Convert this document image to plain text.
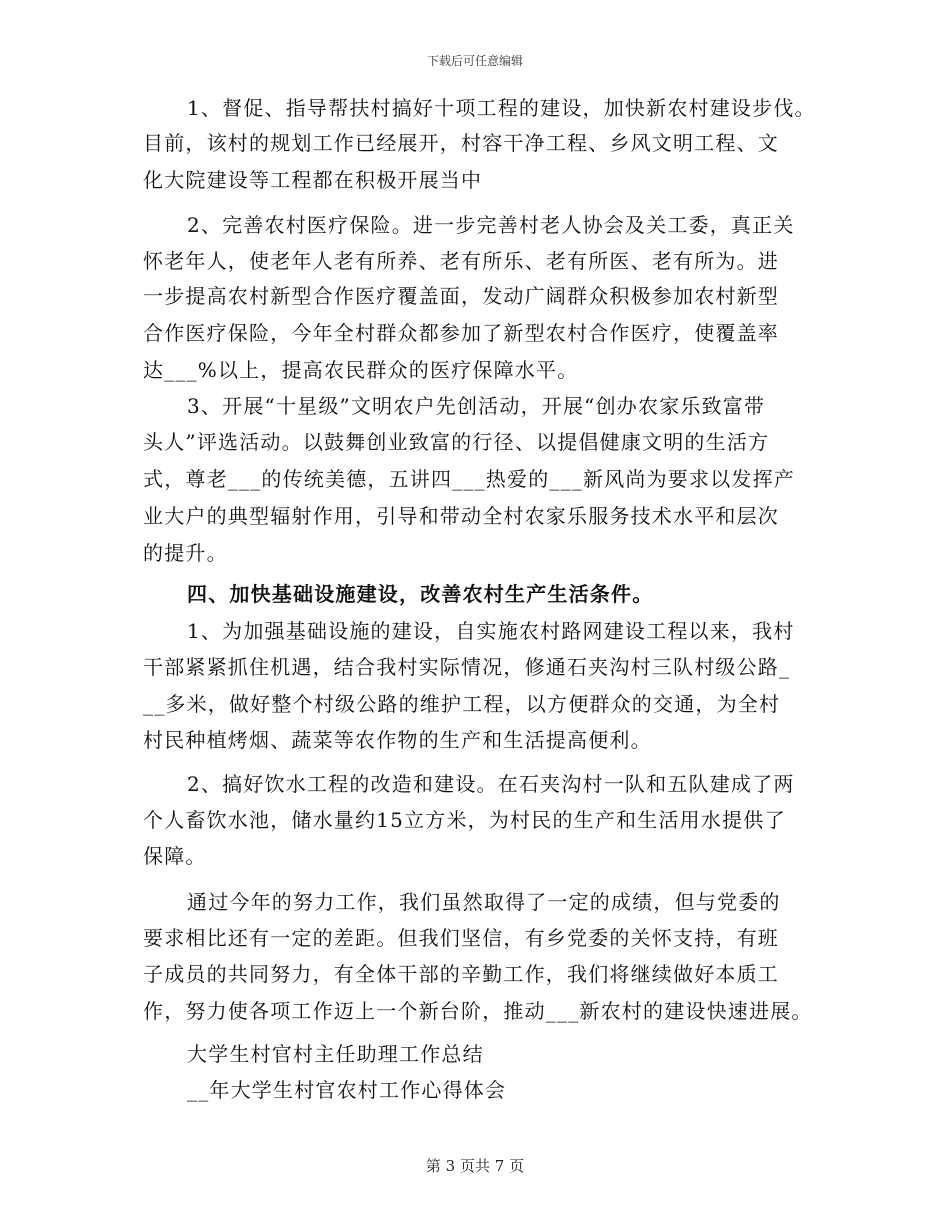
下载后可任意编辑
1、督促、指导帮扶村搞好十项工程的建设，加快新农村建设步伐。
目前，该村的规划工作已经展开，村容干净工程、乡风文明工程、文
化大院建设等工程都在积极开展当中
2、完善农村医疗保险。进一步完善村老人协会及关工委，真正关
怀老年人，使老年人老有所养、老有所乐、老有所医、老有所为。进
一步提高农村新型合作医疗覆盖面，发动广阔群众积极参加农村新型
合作医疗保险，今年全村群众都参加了新型农村合作医疗，使覆盖率
达___%以上，提高农民群众的医疗保障水平。
3、开展“十星级”文明农户先创活动，开展“创办农家乐致富带
头人”评选活动。以鼓舞创业致富的行径、以提倡健康文明的生活方
式，尊老___的传统美德，五讲四___热爱的___新风尚为要求以发挥产
业大户的典型辐射作用，引导和带动全村农家乐服务技术水平和层次
的提升。
四、加快基础设施建设，改善农村生产生活条件。
1、为加强基础设施的建设，自实施农村路网建设工程以来，我村
干部紧紧抓住机遇，结合我村实际情况，修通石夹沟村三队村级公路_
__多米，做好整个村级公路的维护工程，以方便群众的交通，为全村
村民种植烤烟、蔬菜等农作物的生产和生活提高便利。
2、搞好饮水工程的改造和建设。在石夹沟村一队和五队建成了两
个人畜饮水池，储水量约15立方米，为村民的生产和生活用水提供了
保障。
通过今年的努力工作，我们虽然取得了一定的成绩，但与党委的
要求相比还有一定的差距。但我们坚信，有乡党委的关怀支持，有班
子成员的共同努力，有全体干部的辛勤工作，我们将继续做好本质工
作，努力使各项工作迈上一个新台阶，推动___新农村的建设快速进展。
大学生村官村主任助理工作总结
__年大学生村官农村工作心得体会
第 3 页共 7 页
